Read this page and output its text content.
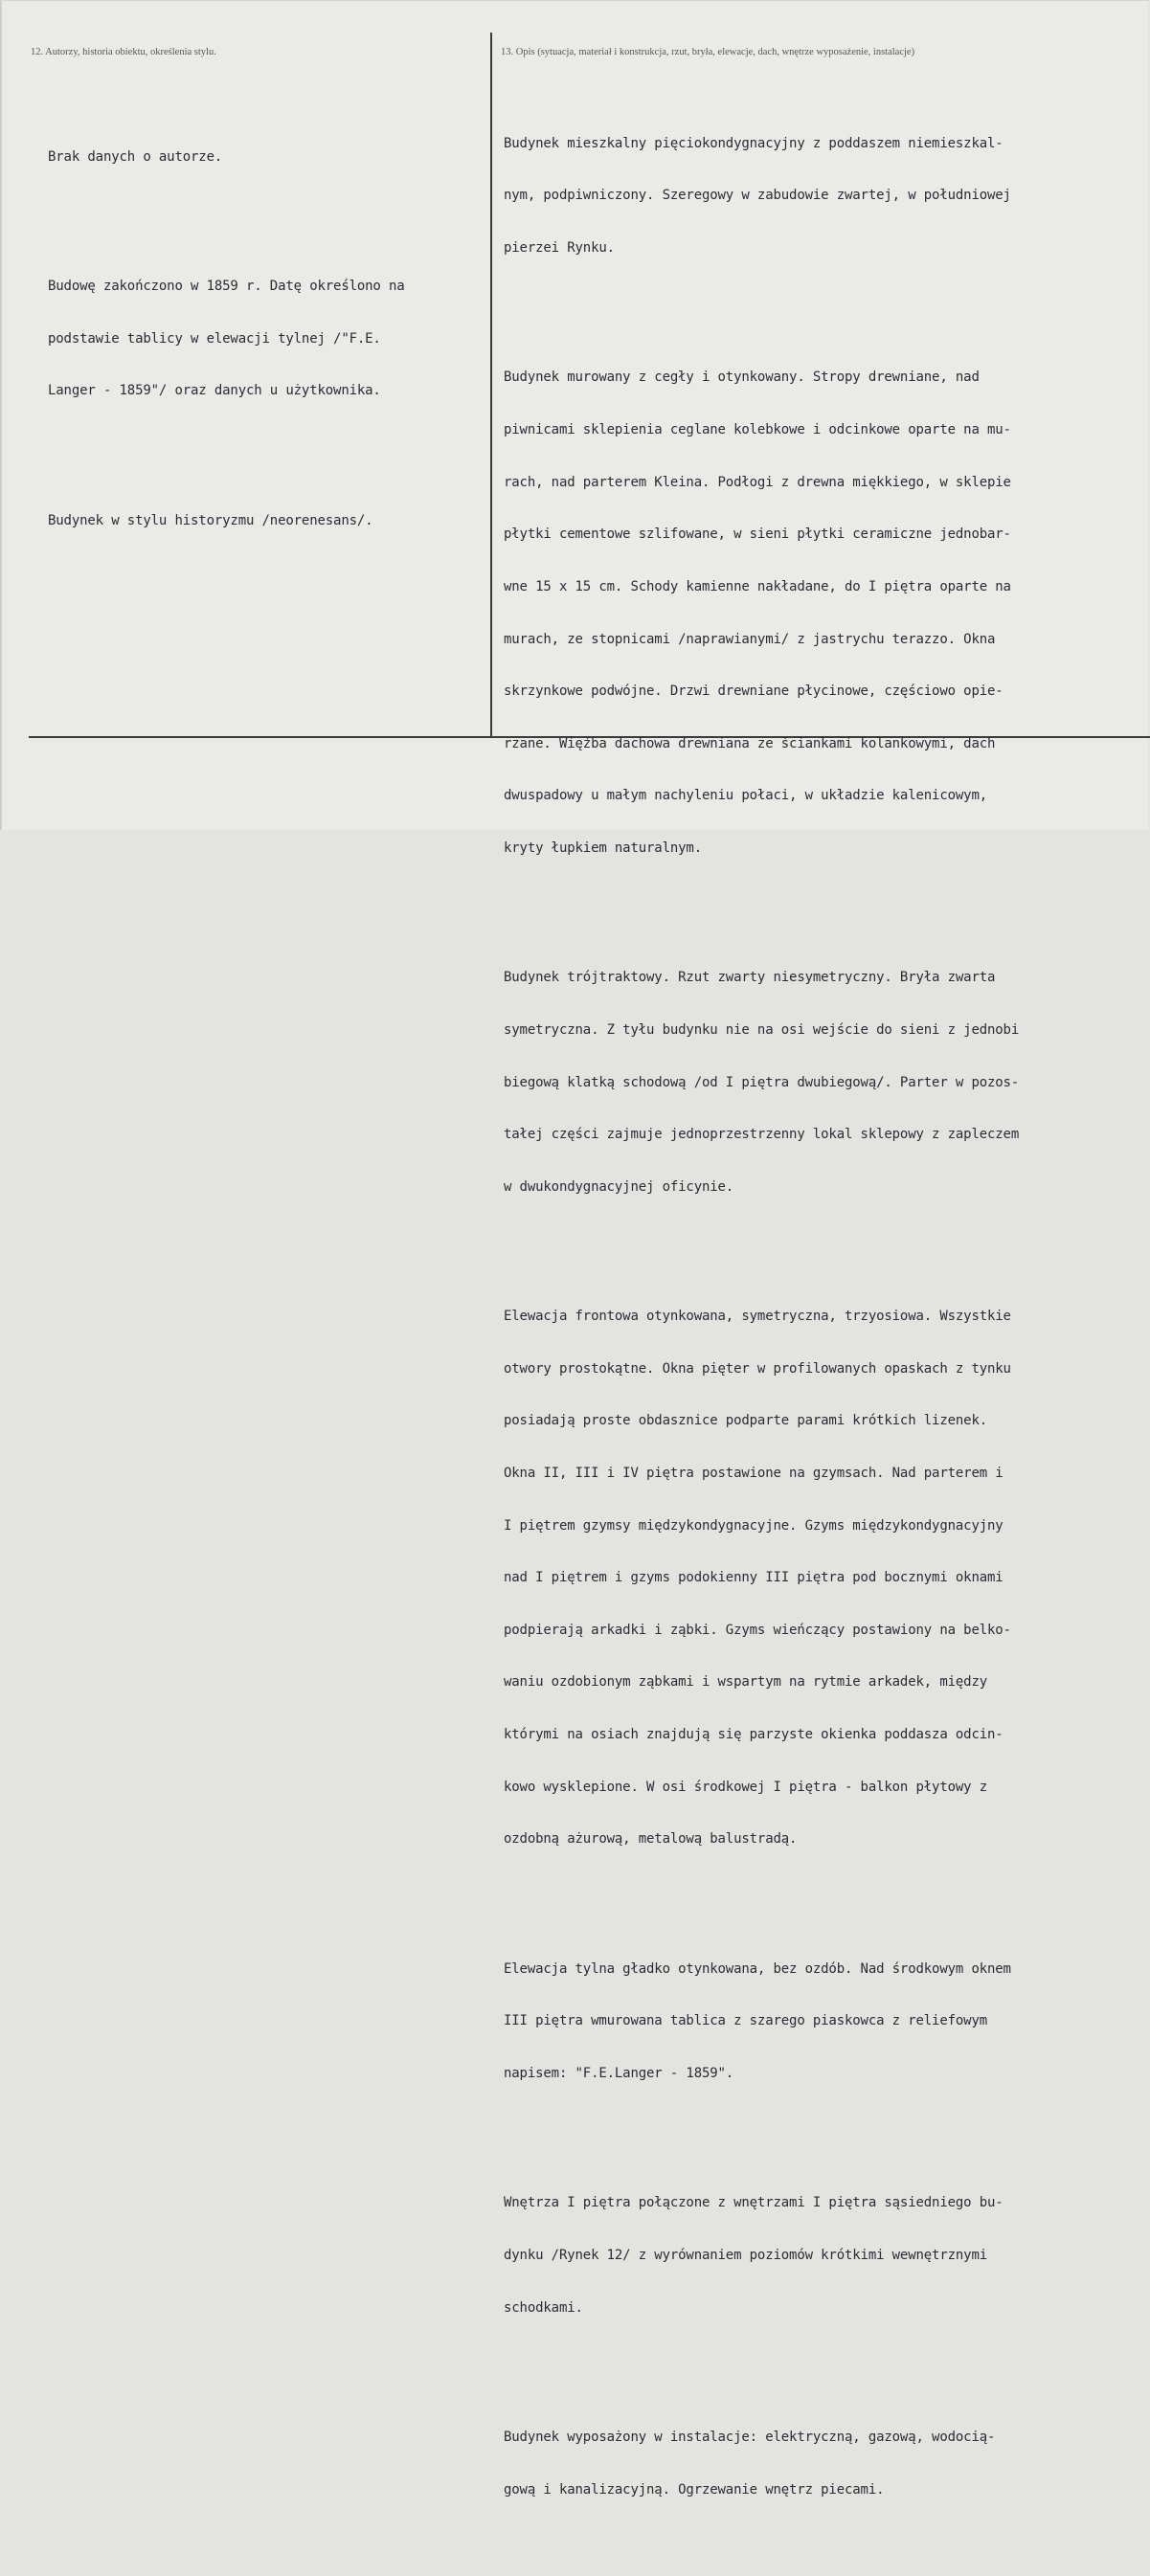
12. Autorzy, historia obiektu, określenia stylu.	13. Opis (sytuacja, materiał i konstrukcja, rzut, bryła, elewacje, dach, wnętrze wyposażenie, instalacje)

Brak danych o autorze.

Budowę zakończono w 1859 r. Datę określono na

podstawie tablicy w elewacji tylnej /"F.E.

Langer - 1859"/ oraz danych u użytkownika.

Budynek w stylu historyzmu /neorenesans/.

Budynek mieszkalny pięciokondygnacyjny z poddaszem niemieszkal-

nym, podpiwniczony. Szeregowy w zabudowie zwartej, w południowej

pierzei Rynku.

Budynek murowany z cegły i otynkowany. Stropy drewniane, nad

piwnicami sklepienia ceglane kolebkowe i odcinkowe oparte na mu-

rach, nad parterem Kleina. Podłogi z drewna miękkiego, w sklepie

płytki cementowe szlifowane, w sieni płytki ceramiczne jednobar-

wne 15 x 15 cm. Schody kamienne nakładane, do I piętra oparte na

murach, ze stopnicami /naprawianymi/ z jastrychu terazzo. Okna

skrzynkowe podwójne. Drzwi drewniane płycinowe, częściowo opie-

rzane. Więźba dachowa drewniana ze ściankami kolankowymi, dach

dwuspadowy u małym nachyleniu połaci, w układzie kalenicowym,

kryty łupkiem naturalnym.

Budynek trójtraktowy. Rzut zwarty niesymetryczny. Bryła zwarta

symetryczna. Z tyłu budynku nie na osi wejście do sieni z jednobi

biegową klatką schodową /od I piętra dwubiegową/. Parter w pozos-

tałej części zajmuje jednoprzestrzenny lokal sklepowy z zapleczem

w dwukondygnacyjnej oficynie.

Elewacja frontowa otynkowana, symetryczna, trzyosiowa. Wszystkie

otwory prostokątne. Okna pięter w profilowanych opaskach z tynku

posiadają proste obdasznice podparte parami krótkich lizenek.

Okna II, III i IV piętra postawione na gzymsach. Nad parterem i

I piętrem gzymsy międzykondygnacyjne. Gzyms międzykondygnacyjny

nad I piętrem i gzyms podokienny III piętra pod bocznymi oknami

podpierają arkadki i ząbki. Gzyms wieńczący postawiony na belko-

waniu ozdobionym ząbkami i wspartym na rytmie arkadek, między

którymi na osiach znajdują się parzyste okienka poddasza odcin-

kowo wysklepione. W osi środkowej I piętra - balkon płytowy z

ozdobną ażurową, metalową balustradą.

Elewacja tylna gładko otynkowana, bez ozdób. Nad środkowym oknem

III piętra wmurowana tablica z szarego piaskowca z reliefowym

napisem: "F.E.Langer - 1859".

Wnętrza I piętra połączone z wnętrzami I piętra sąsiedniego bu-

dynku /Rynek 12/ z wyrównaniem poziomów krótkimi wewnętrznymi

schodkami.

Budynek wyposażony w instalacje: elektryczną, gazową, wodocią-

gową i kanalizacyjną. Ogrzewanie wnętrz piecami.
